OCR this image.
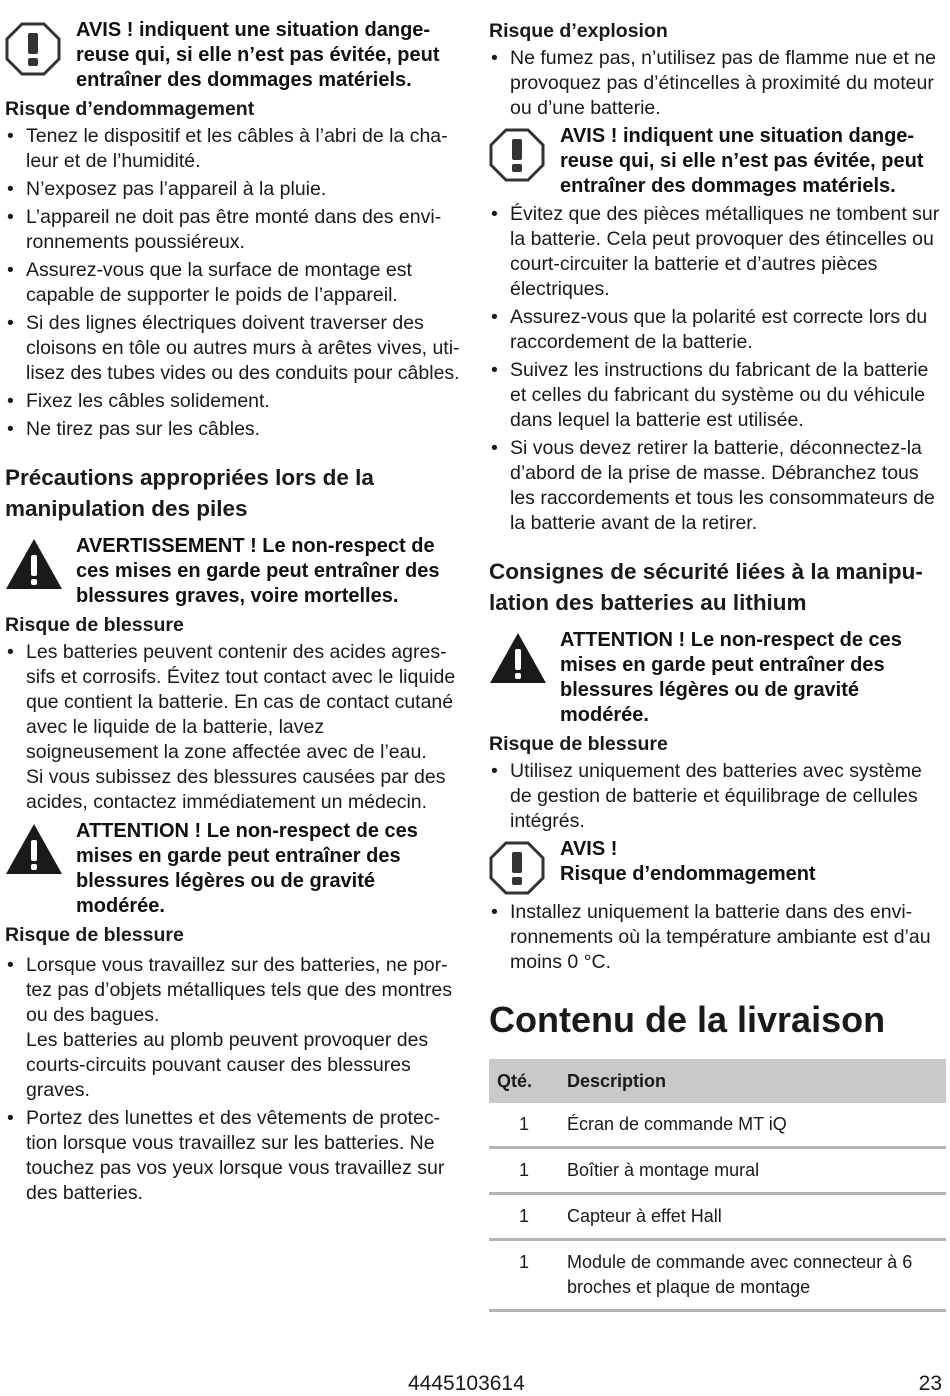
AVIS ! indiquent une situation dangereuse qui, si elle n’est pas évitée, peut entraîner des dommages matériels.
Risque d’endommagement
• Tenez le dispositif et les câbles à l’abri de la chaleur et de l’humidité.
• N’exposez pas l’appareil à la pluie.
• L’appareil ne doit pas être monté dans des environnements poussiéreux.
• Assurez-vous que la surface de montage est capable de supporter le poids de l’appareil.
• Si des lignes électriques doivent traverser des cloisons en tôle ou autres murs à arêtes vives, utilisez des tubes vides ou des conduits pour câbles.
• Fixez les câbles solidement.
• Ne tirez pas sur les câbles.
Précautions appropriées lors de la manipulation des piles
AVERTISSEMENT ! Le non-respect de ces mises en garde peut entraîner des blessures graves, voire mortelles.
Risque de blessure
• Les batteries peuvent contenir des acides agressifs et corrosifs. Évitez tout contact avec le liquide que contient la batterie. En cas de contact cutané avec le liquide de la batterie, lavez soigneusement la zone affectée avec de l’eau.
Si vous subissez des blessures causées par des acides, contactez immédiatement un médecin.
ATTENTION ! Le non-respect de ces mises en garde peut entraîner des blessures légères ou de gravité modérée.
Risque de blessure
• Lorsque vous travaillez sur des batteries, ne portez pas d’objets métalliques tels que des montres ou des bagues.
Les batteries au plomb peuvent provoquer des courts-circuits pouvant causer des blessures graves.
• Portez des lunettes et des vêtements de protection lorsque vous travaillez sur les batteries. Ne touchez pas vos yeux lorsque vous travaillez sur des batteries.
Risque d’explosion
• Ne fumez pas, n’utilisez pas de flamme nue et ne provoquez pas d’étincelles à proximité du moteur ou d’une batterie.
AVIS ! indiquent une situation dangereuse qui, si elle n’est pas évitée, peut entraîner des dommages matériels.
• Évitez que des pièces métalliques ne tombent sur la batterie. Cela peut provoquer des étincelles ou court-circuiter la batterie et d’autres pièces électriques.
• Assurez-vous que la polarité est correcte lors du raccordement de la batterie.
• Suivez les instructions du fabricant de la batterie et celles du fabricant du système ou du véhicule dans lequel la batterie est utilisée.
• Si vous devez retirer la batterie, déconnectez-la d’abord de la prise de masse. Débranchez tous les raccordements et tous les consommateurs de la batterie avant de la retirer.
Consignes de sécurité liées à la manipulation des batteries au lithium
ATTENTION ! Le non-respect de ces mises en garde peut entraîner des blessures légères ou de gravité modérée.
Risque de blessure
• Utilisez uniquement des batteries avec système de gestion de batterie et équilibrage de cellules intégrés.
AVIS !
Risque d’endommagement
• Installez uniquement la batterie dans des environnements où la température ambiante est d’au moins 0 °C.
Contenu de la livraison
Qté.	Description
1	Écran de commande MT iQ
1	Boîtier à montage mural
1	Capteur à effet Hall
1	Module de commande avec connecteur à 6 broches et plaque de montage
4445103614	23
